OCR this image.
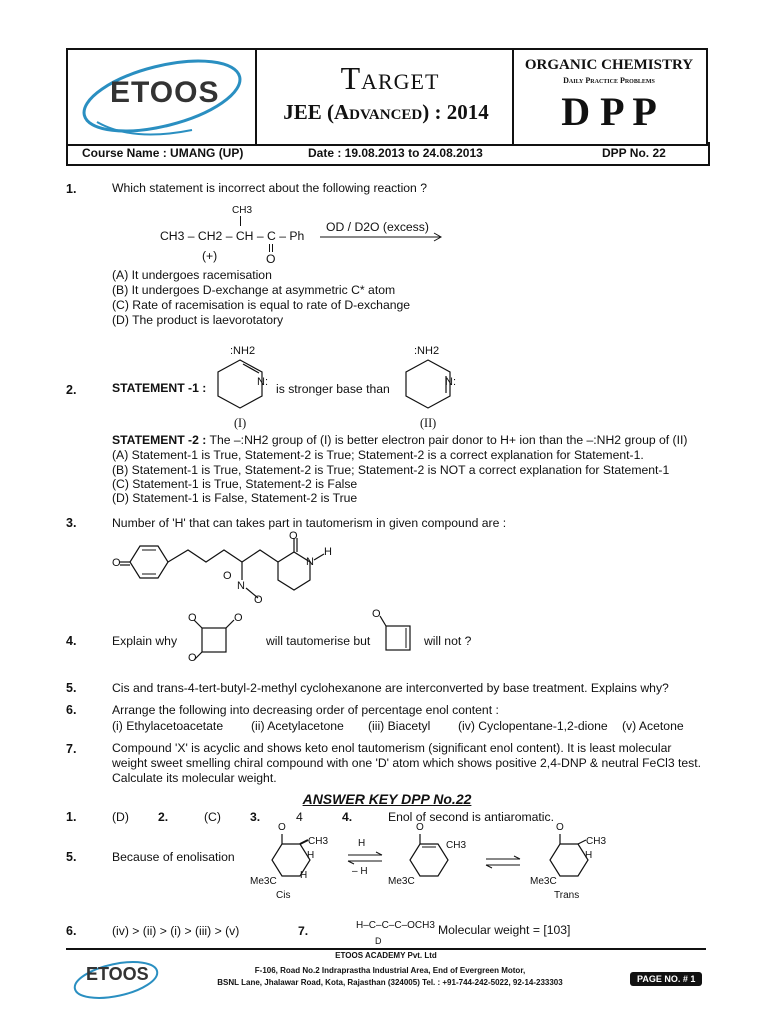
ETOOS	Target
JEE (Advanced) : 2014
ORGANIC CHEMISTRY
Daily Practice Problems
D P P
Course Name : UMANG (UP)	Date : 19.08.2013 to 24.08.2013	DPP No. 22
1.	Which statement is incorrect about the following reaction ?
CH3
CH3 – CH2 – CH – C – Ph
(+)	O
OD / D2O (excess)
(A) It undergoes racemisation
(B) It undergoes D-exchange at asymmetric C* atom
(C) Rate of racemisation is equal to rate of D-exchange
(D) The product is laevorotatory
2.	STATEMENT -1 :
:NH2
N:
(I)
is stronger base than
:NH2
N:
(II)
STATEMENT -2 : The –:NH2 group of (I) is better electron pair donor to H+ ion than the –:NH2 group of (II)
(A) Statement-1 is True, Statement-2 is True; Statement-2 is a correct explanation for Statement-1.
(B) Statement-1 is True, Statement-2 is True; Statement-2 is NOT a correct explanation for Statement-1
(C) Statement-1 is True, Statement-2 is False
(D) Statement-1 is False, Statement-2 is True
3.	Number of 'H' that can takes part in tautomerism in given compound are :
O
O
N
H
N
O
O
4.	Explain why
O	O
O
will tautomerise but
O
will not ?
5.	Cis and trans-4-tert-butyl-2-methyl cyclohexanone are interconverted by base treatment. Explains why?
6.	Arrange the following into decreasing order of percentage enol content :
(i) Ethylacetoacetate (ii) Acetylacetone (iii) Biacetyl (iv) Cyclopentane-1,2-dione (v) Acetone
7.	Compound 'X' is acyclic and shows keto enol tautomerism (significant enol content). It is least molecular weight sweet smelling chiral compound with one 'D' atom which shows positive 2,4-DNP & neutral FeCl3 test. Calculate its molecular weight.
ANSWER KEY DPP No.22
1.	(D) 2.	(C) 3.	4	4.	Enol of second is antiaromatic.
5.	Because of enolisation
O
CH3
H
Me3C
H
Cis
H
– H
O
CH3
Me3C
O
CH3
H
Me3C
Trans
6.	(iv) > (ii) > (i) > (iii) > (v)	7.	H–C–C–C–OCH3
D
Molecular weight = [103]
ETOOS ACADEMY Pvt. Ltd
ETOOS	F-106, Road No.2 Indraprastha Industrial Area, End of Evergreen Motor,
BSNL Lane, Jhalawar Road, Kota, Rajasthan (324005) Tel. : +91-744-242-5022, 92-14-233303	PAGE NO. # 1
